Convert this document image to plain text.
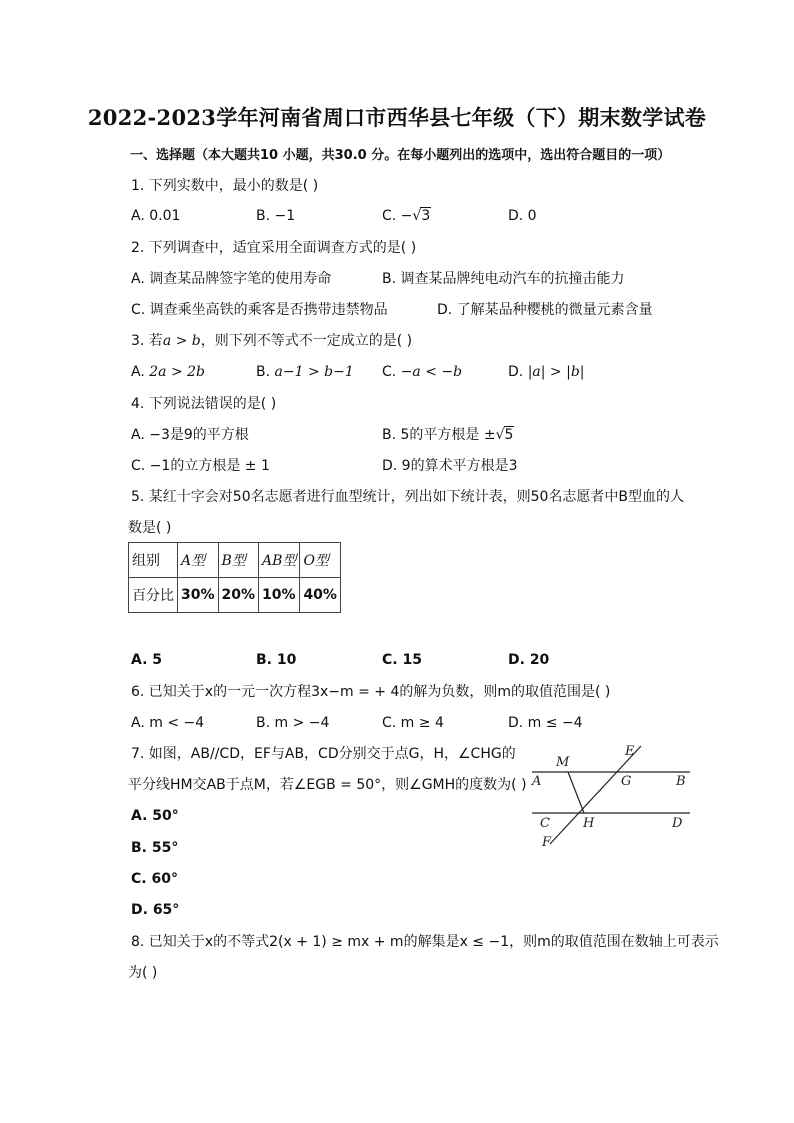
2022-2023学年河南省周口市西华县七年级（下）期末数学试卷
一、选择题（本大题共10 小题，共30.0 分。在每小题列出的选项中，选出符合题目的一项）
1. 下列实数中，最小的数是( )
A. 0.01	B. −1	C. −√3	D. 0
2. 下列调查中，适宜采用全面调查方式的是( )
A. 调查某品牌签字笔的使用寿命	B. 调查某品牌纯电动汽车的抗撞击能力
C. 调查乘坐高铁的乘客是否携带违禁物品	D. 了解某品种樱桃的微量元素含量
3. 若a > b，则下列不等式不一定成立的是( )
A. 2a > 2b	B. a−1 > b−1 C. −a < −b	D. |a| > |b|
4. 下列说法错误的是( )
A. −3是9的平方根	B. 5的平方根是 ±√5
C. −1的立方根是 ± 1	D. 9的算术平方根是3
5. 某红十字会对50名志愿者进行血型统计，列出如下统计表，则50名志愿者中B型血的人
数是( )
组别	A型	B型	AB型	O型
百分比	30%	20%	10%	40%
A. 5	B. 10	C. 15	D. 20
6. 已知关于x的一元一次方程3x−m = + 4的解为负数，则m的取值范围是( )
A. m < −4	B. m > −4	C. m ≥ 4	D. m ≤ −4
7. 如图，AB//CD，EF与AB，CD分别交于点G，H，∠CHG的
平分线HM交AB于点M，若∠EGB = 50°，则∠GMH的度数为( )
A. 50°
B. 55°
C. 60°
D. 65°
M
E
A	G	B
C	H	D
F
8. 已知关于x的不等式2(x + 1) ≥ mx + m的解集是x ≤ −1，则m的取值范围在数轴上可表示
为( )
